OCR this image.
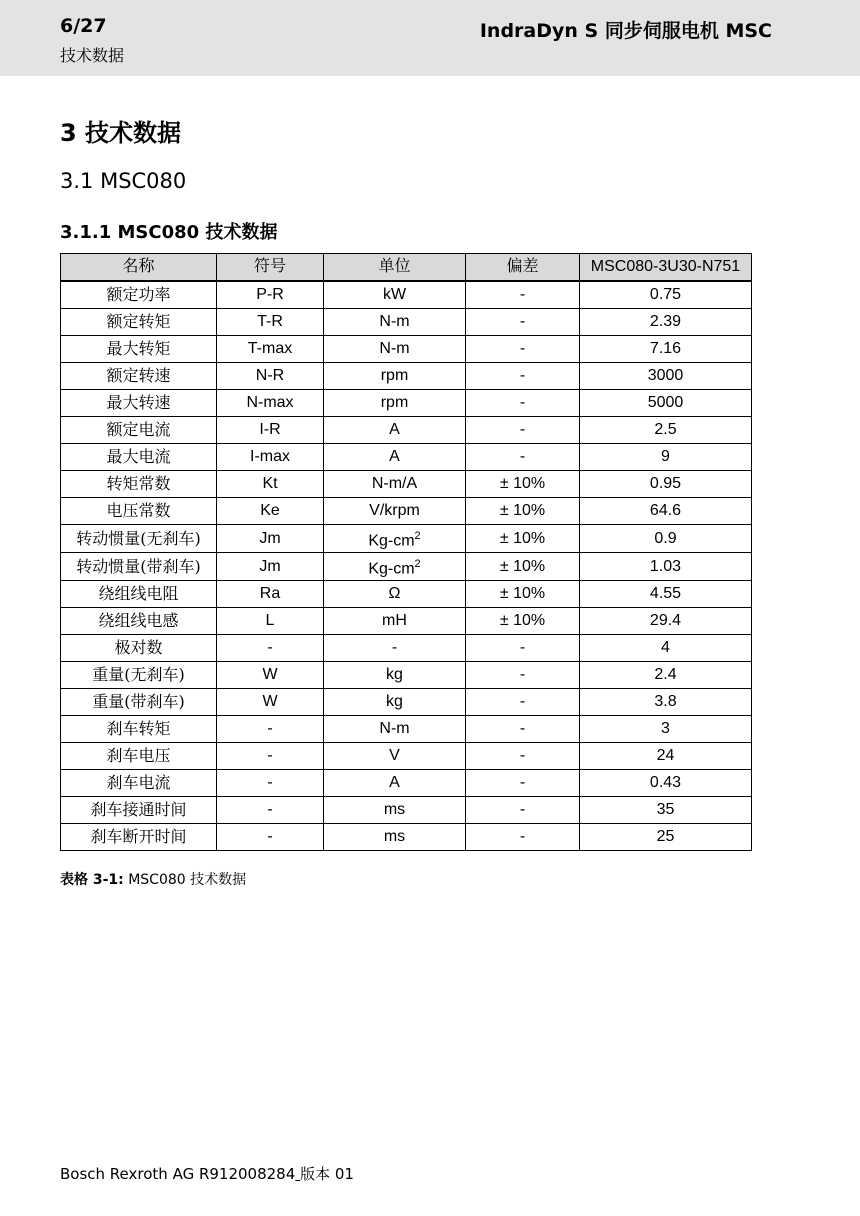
6/27
技术数据
IndraDyn S 同步伺服电机 MSC
3 技术数据
3.1 MSC080
3.1.1 MSC080 技术数据
名称	符号	单位	偏差	MSC080-3U30-N751
额定功率	P-R	kW	-	0.75
额定转矩	T-R	N-m	-	2.39
最大转矩	T-max	N-m	-	7.16
额定转速	N-R	rpm	-	3000
最大转速	N-max	rpm	-	5000
额定电流	I-R	A	-	2.5
最大电流	I-max	A	-	9
转矩常数	Kt	N-m/A	± 10%	0.95
电压常数	Ke	V/krpm	± 10%	64.6
转动惯量(无刹车)	Jm	$Kg-cm^2$	± 10%	0.9
转动惯量(带刹车)	Jm	$Kg-cm^2$	± 10%	1.03
绕组线电阻	Ra	Ω	± 10%	4.55
绕组线电感	L	mH	± 10%	29.4
极对数	-	-	-	4
重量(无刹车)	W	kg	-	2.4
重量(带刹车)	W	kg	-	3.8
刹车转矩	-	N-m	-	3
刹车电压	-	V	-	24
刹车电流	-	A	-	0.43
刹车接通时间	-	ms	-	35
刹车断开时间	-	ms	-	25
表格 3-1: MSC080 技术数据
Bosch Rexroth AG R912008284 版本 01
